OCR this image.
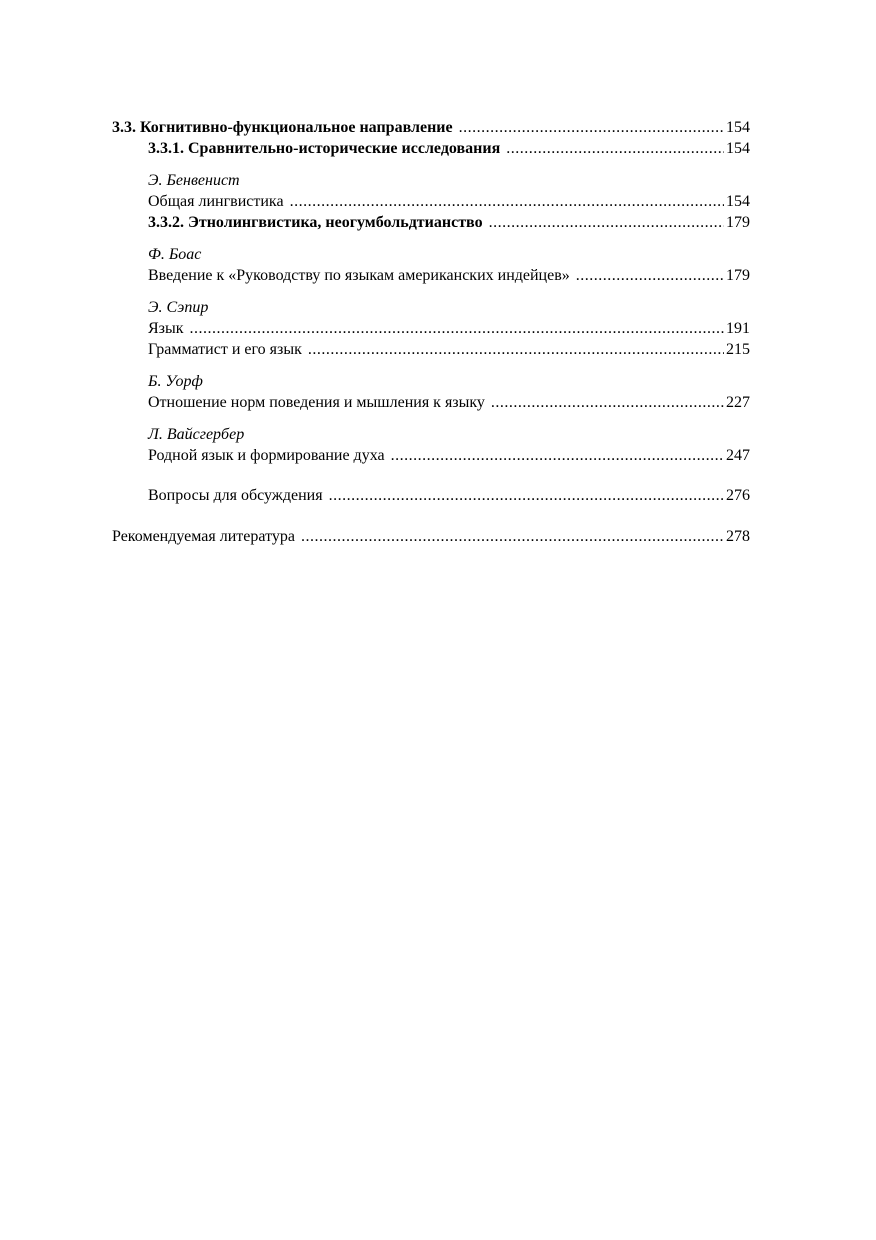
3.3. Когнитивно-функциональное направление .....	154
3.3.1. Сравнительно-исторические исследования .....	154
Э. Бенвенист
Общая лингвистика .....	154
3.3.2. Этнолингвистика, неогумбольдтианство .....	179
Ф. Боас
Введение к «Руководству по языкам американских индейцев» .....	179
Э. Сэпир
Язык .....	191
Грамматист и его язык .....	215
Б. Уорф
Отношение норм поведения и мышления к языку .....	227
Л. Вайсгербер
Родной язык и формирование духа .....	247
Вопросы для обсуждения .....	276
Рекомендуемая литература .....	278
